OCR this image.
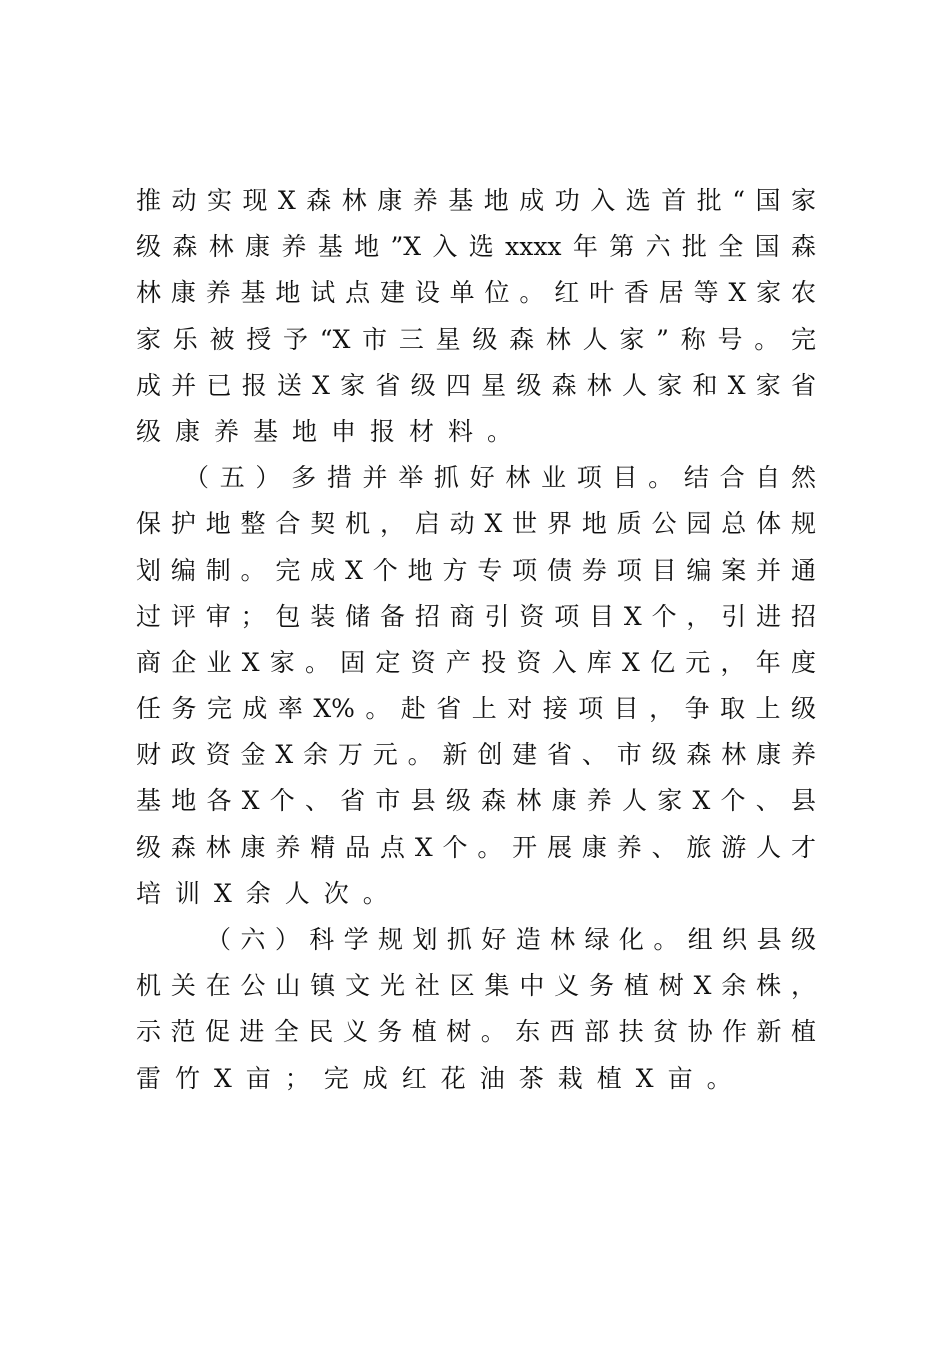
推动实现X森林康养基地成功入选首批“国家
级森林康养基地”X入选xxxx年第六批全国森
林康养基地试点建设单位。红叶香居等X家农
家乐被授予“X市三星级森林人家”称号。完
成并已报送X家省级四星级森林人家和X家省
级康养基地申报材料。
（五）多措并举抓好林业项目。结合自然
保护地整合契机，启动X世界地质公园总体规
划编制。完成X个地方专项债券项目编案并通
过评审；包装储备招商引资项目X个，引进招
商企业X家。固定资产投资入库X亿元，年度
任务完成率X%。赴省上对接项目，争取上级
财政资金X余万元。新创建省、市级森林康养
基地各X个、省市县级森林康养人家X个、县
级森林康养精品点X个。开展康养、旅游人才
培训X余人次。
（六）科学规划抓好造林绿化。组织县级
机关在公山镇文光社区集中义务植树X余株，
示范促进全民义务植树。东西部扶贫协作新植
雷竹X亩；完成红花油茶栽植X亩。
